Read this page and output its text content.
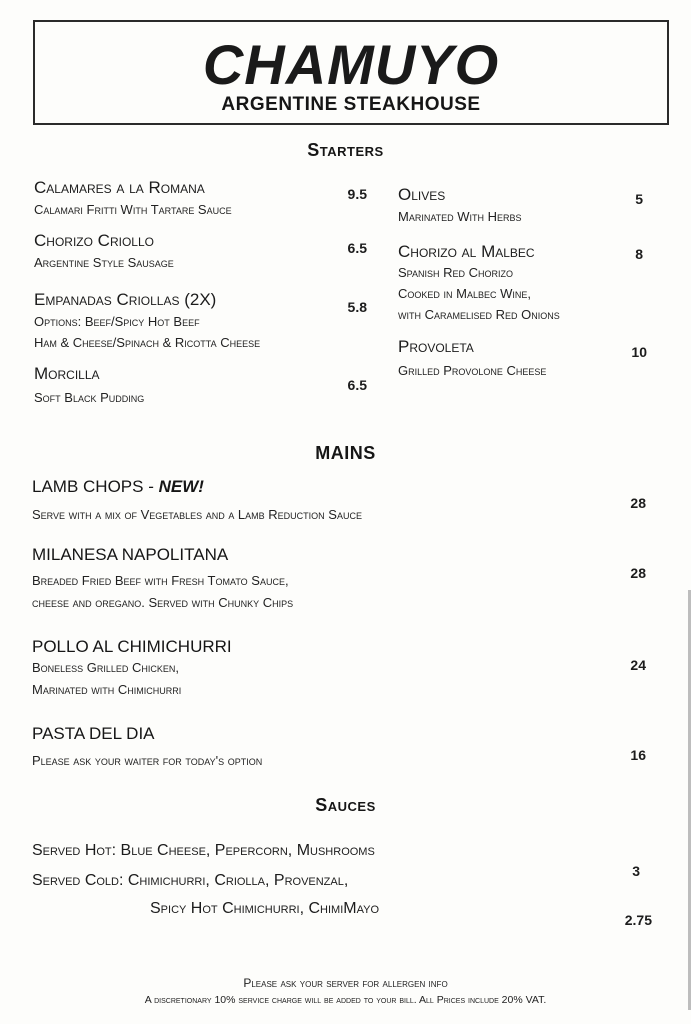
CHAMUYO
ARGENTINE STEAKHOUSE
Starters
Calamares a la Romana
Calamari Fritti With Tartare Sauce
9.5
Chorizo Criollo
Argentine Style Sausage
6.5
Empanadas Criollas (2X)
Options: Beef/Spicy Hot Beef
Ham & Cheese/Spinach & Ricotta Cheese
5.8
Morcilla
Soft Black Pudding
6.5
Olives
Marinated With Herbs
5
Chorizo al Malbec
Spanish Red Chorizo
Cooked in Malbec Wine,
with Caramelised Red Onions
8
Provoleta
Grilled Provolone Cheese
10
MAINS
LAMB CHOPS - NEW!
Serve with a mix of Vegetables and a Lamb Reduction Sauce
28
MILANESA NAPOLITANA
Breaded Fried Beef with Fresh Tomato Sauce,
cheese and oregano. Served with Chunky Chips
28
POLLO AL CHIMICHURRI
Boneless Grilled Chicken,
Marinated with Chimichurri
24
PASTA DEL DIA
Please ask your waiter for today's option	16
Sauces
Served Hot: Blue Cheese, Pepercorn, Mushrooms
3
Served Cold: Chimichurri, Criolla, Provenzal,
Spicy Hot Chimichurri, ChimiMayo
2.75
Please ask your server for allergen info
A discretionary 10% service charge will be added to your bill. All Prices include 20% VAT.
